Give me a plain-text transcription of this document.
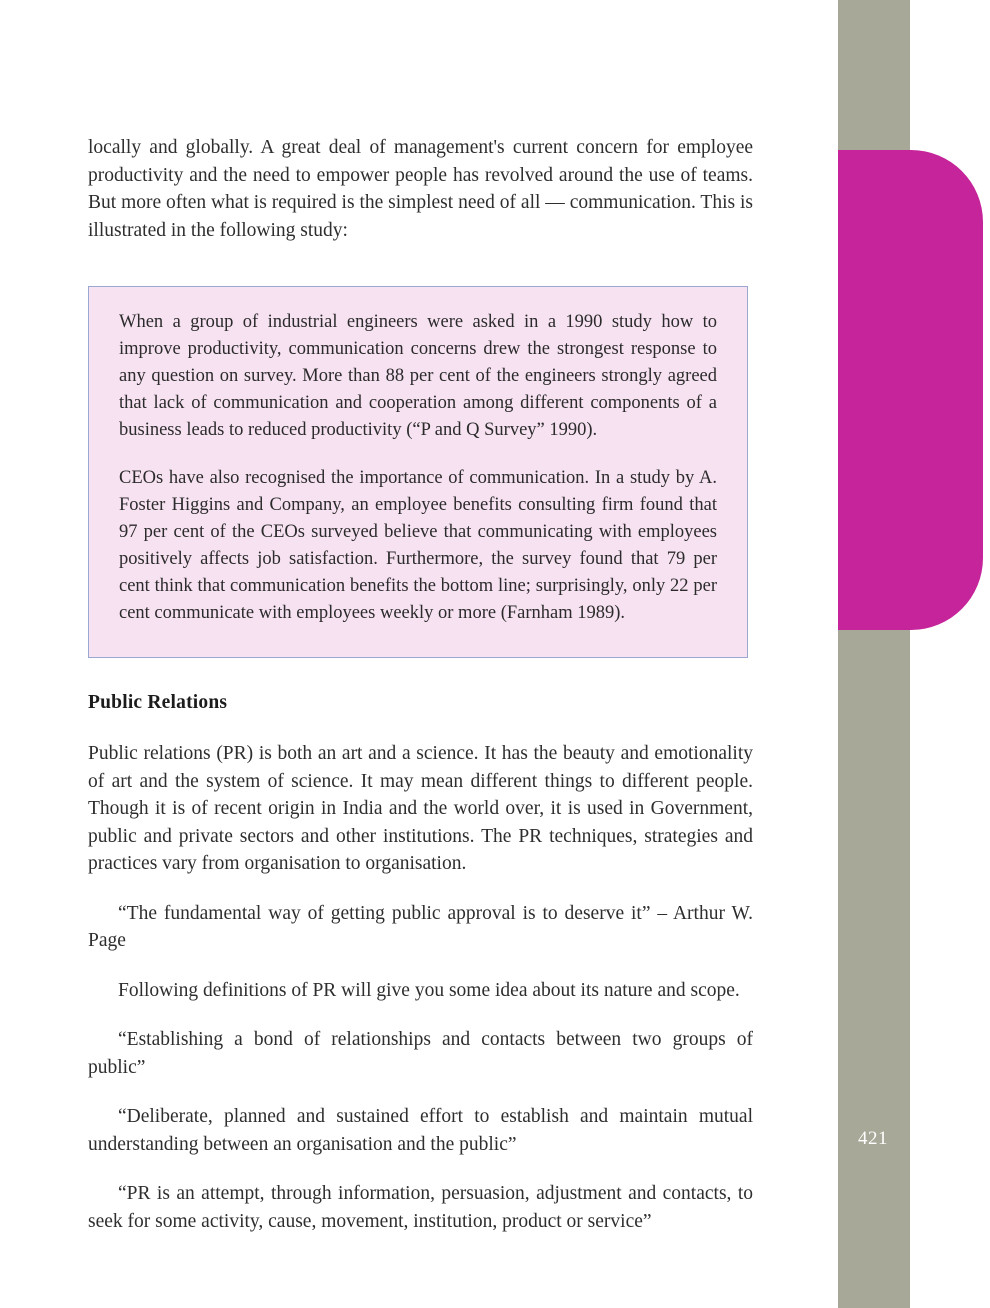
421

locally and globally. A great deal of management's current concern for employee productivity and the need to empower people has revolved around the use of teams. But more often what is required is the simplest need of all — communication. This is illustrated in the following study:

When a group of industrial engineers were asked in a 1990 study how to improve productivity, communication concerns drew the strongest response to any question on survey. More than 88 per cent of the engineers strongly agreed that lack of communication and cooperation among different components of a business leads to reduced productivity (“P and Q Survey” 1990).

CEOs have also recognised the importance of communication. In a study by A. Foster Higgins and Company, an employee benefits consulting firm found that 97 per cent of the CEOs surveyed believe that communicating with employees positively affects job satisfaction. Furthermore, the survey found that 79 per cent think that communication benefits the bottom line; surprisingly, only 22 per cent communicate with employees weekly or more (Farnham 1989).

Public Relations

Public relations (PR) is both an art and a science. It has the beauty and emotionality of art and the system of science. It may mean different things to different people. Though it is of recent origin in India and the world over, it is used in Government, public and private sectors and other institutions. The PR techniques, strategies and practices vary from organisation to organisation.

“The fundamental way of getting public approval is to deserve it” – Arthur W. Page

Following definitions of PR will give you some idea about its nature and scope.

“Establishing a bond of relationships and contacts between two groups of public”

“Deliberate, planned and sustained effort to establish and maintain mutual understanding between an organisation and the public”

“PR is an attempt, through information, persuasion, adjustment and contacts, to seek for some activity, cause, movement, institution, product or service”
